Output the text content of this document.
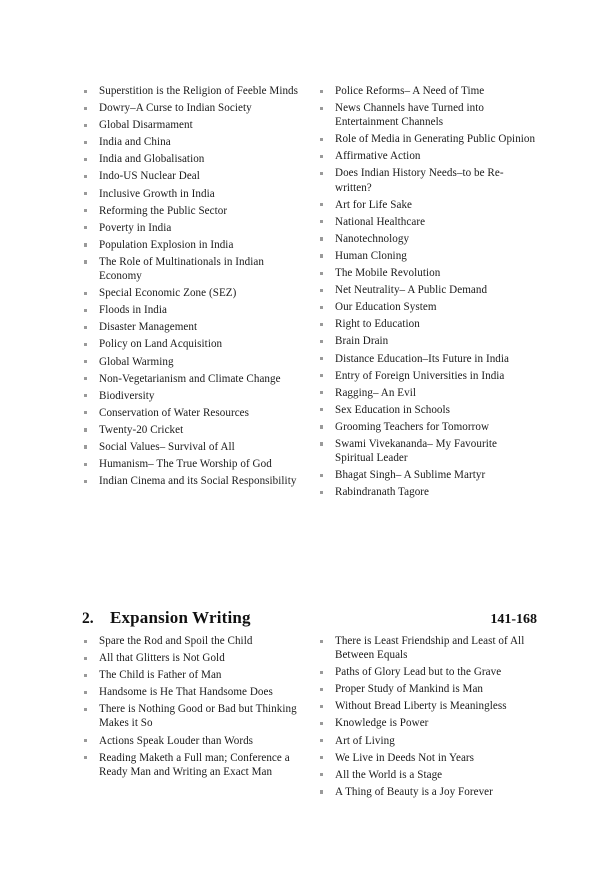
Superstition is the Religion of Feeble Minds
Dowry–A Curse to Indian Society
Global Disarmament
India and China
India and Globalisation
Indo-US Nuclear Deal
Inclusive Growth in India
Reforming the Public Sector
Poverty in India
Population Explosion in India
The Role of Multinationals in Indian Economy
Special Economic Zone (SEZ)
Floods in India
Disaster Management
Policy on Land Acquisition
Global Warming
Non-Vegetarianism and Climate Change
Biodiversity
Conservation of Water Resources
Twenty-20 Cricket
Social Values– Survival of All
Humanism– The True Worship of God
Indian Cinema and its Social Responsibility
Police Reforms– A Need of Time
News Channels have Turned into Entertainment Channels
Role of Media in Generating Public Opinion
Affirmative Action
Does Indian History Needs–to be Re-written?
Art for Life Sake
National Healthcare
Nanotechnology
Human Cloning
The Mobile Revolution
Net Neutrality– A Public Demand
Our Education System
Right to Education
Brain Drain
Distance Education–Its Future in India
Entry of Foreign Universities in India
Ragging– An Evil
Sex Education in Schools
Grooming Teachers for Tomorrow
Swami Vivekananda– My Favourite Spiritual Leader
Bhagat Singh– A Sublime Martyr
Rabindranath Tagore
2. Expansion Writing	141-168
Spare the Rod and Spoil the Child
All that Glitters is Not Gold
The Child is Father of Man
Handsome is He That Handsome Does
There is Nothing Good or Bad but Thinking Makes it So
Actions Speak Louder than Words
Reading Maketh a Full man; Conference a Ready Man and Writing an Exact Man
There is Least Friendship and Least of All Between Equals
Paths of Glory Lead but to the Grave
Proper Study of Mankind is Man
Without Bread Liberty is Meaningless
Knowledge is Power
Art of Living
We Live in Deeds Not in Years
All the World is a Stage
A Thing of Beauty is a Joy Forever
